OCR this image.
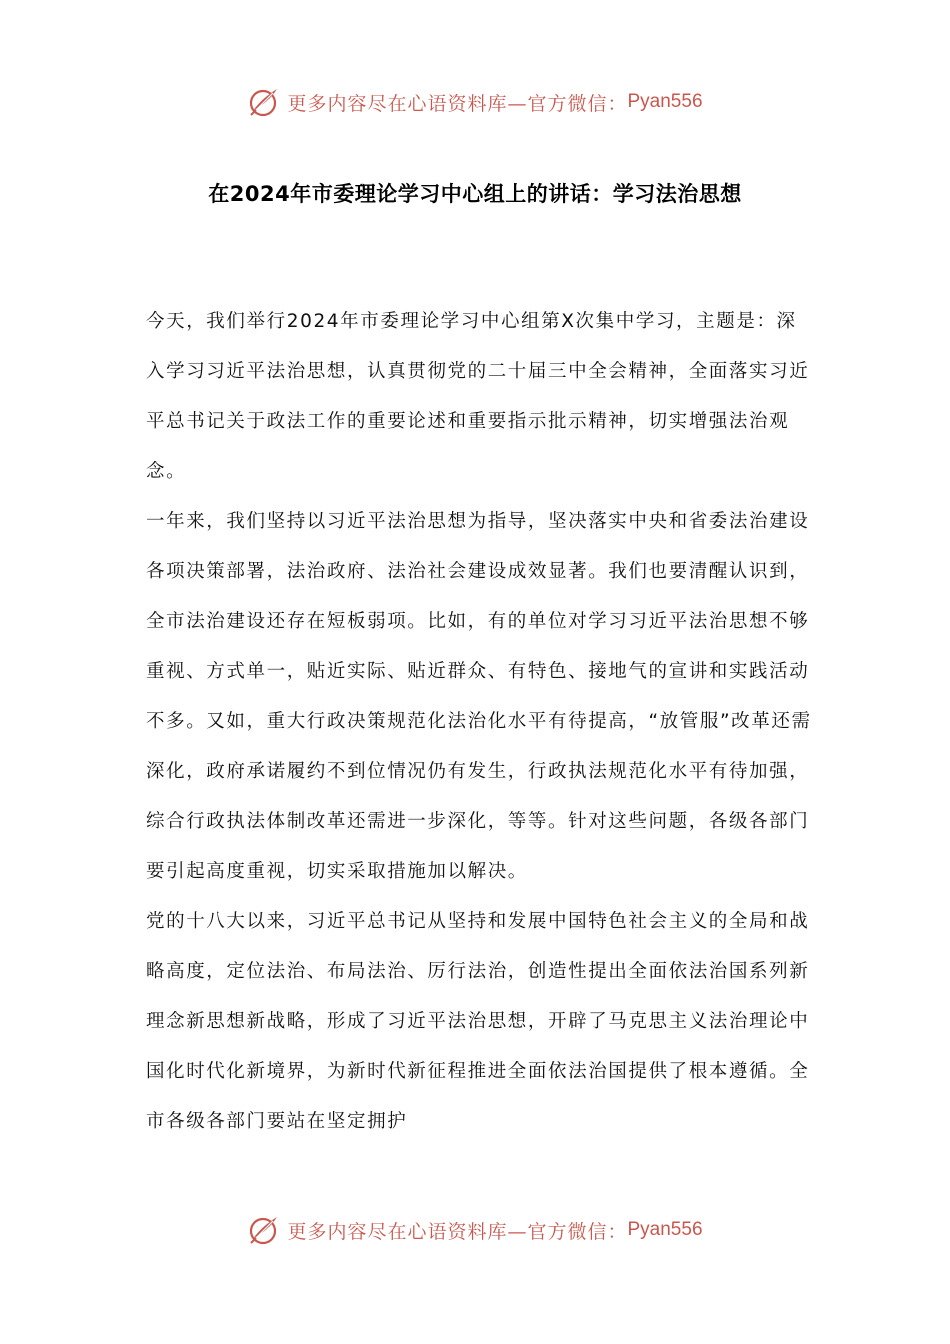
更多内容尽在心语资料库—官方微信： Pyan556
在2024年市委理论学习中心组上的讲话：学习法治思想

今天，我们举行2024年市委理论学习中心组第X次集中学习，主题是：深入学习习近平法治思想，认真贯彻党的二十届三中全会精神，全面落实习近平总书记关于政法工作的重要论述和重要指示批示精神，切实增强法治观念。

一年来，我们坚持以习近平法治思想为指导，坚决落实中央和省委法治建设各项决策部署，法治政府、法治社会建设成效显著。我们也要清醒认识到，全市法治建设还存在短板弱项。比如，有的单位对学习习近平法治思想不够重视、方式单一，贴近实际、贴近群众、有特色、接地气的宣讲和实践活动不多。又如，重大行政决策规范化法治化水平有待提高，“放管服”改革还需深化，政府承诺履约不到位情况仍有发生，行政执法规范化水平有待加强，综合行政执法体制改革还需进一步深化，等等。针对这些问题，各级各部门要引起高度重视，切实采取措施加以解决。

党的十八大以来，习近平总书记从坚持和发展中国特色社会主义的全局和战略高度，定位法治、布局法治、厉行法治，创造性提出全面依法治国系列新理念新思想新战略，形成了习近平法治思想，开辟了马克思主义法治理论中国化时代化新境界，为新时代新征程推进全面依法治国提供了根本遵循。全市各级各部门要站在坚定拥护

更多内容尽在心语资料库—官方微信： Pyan556
